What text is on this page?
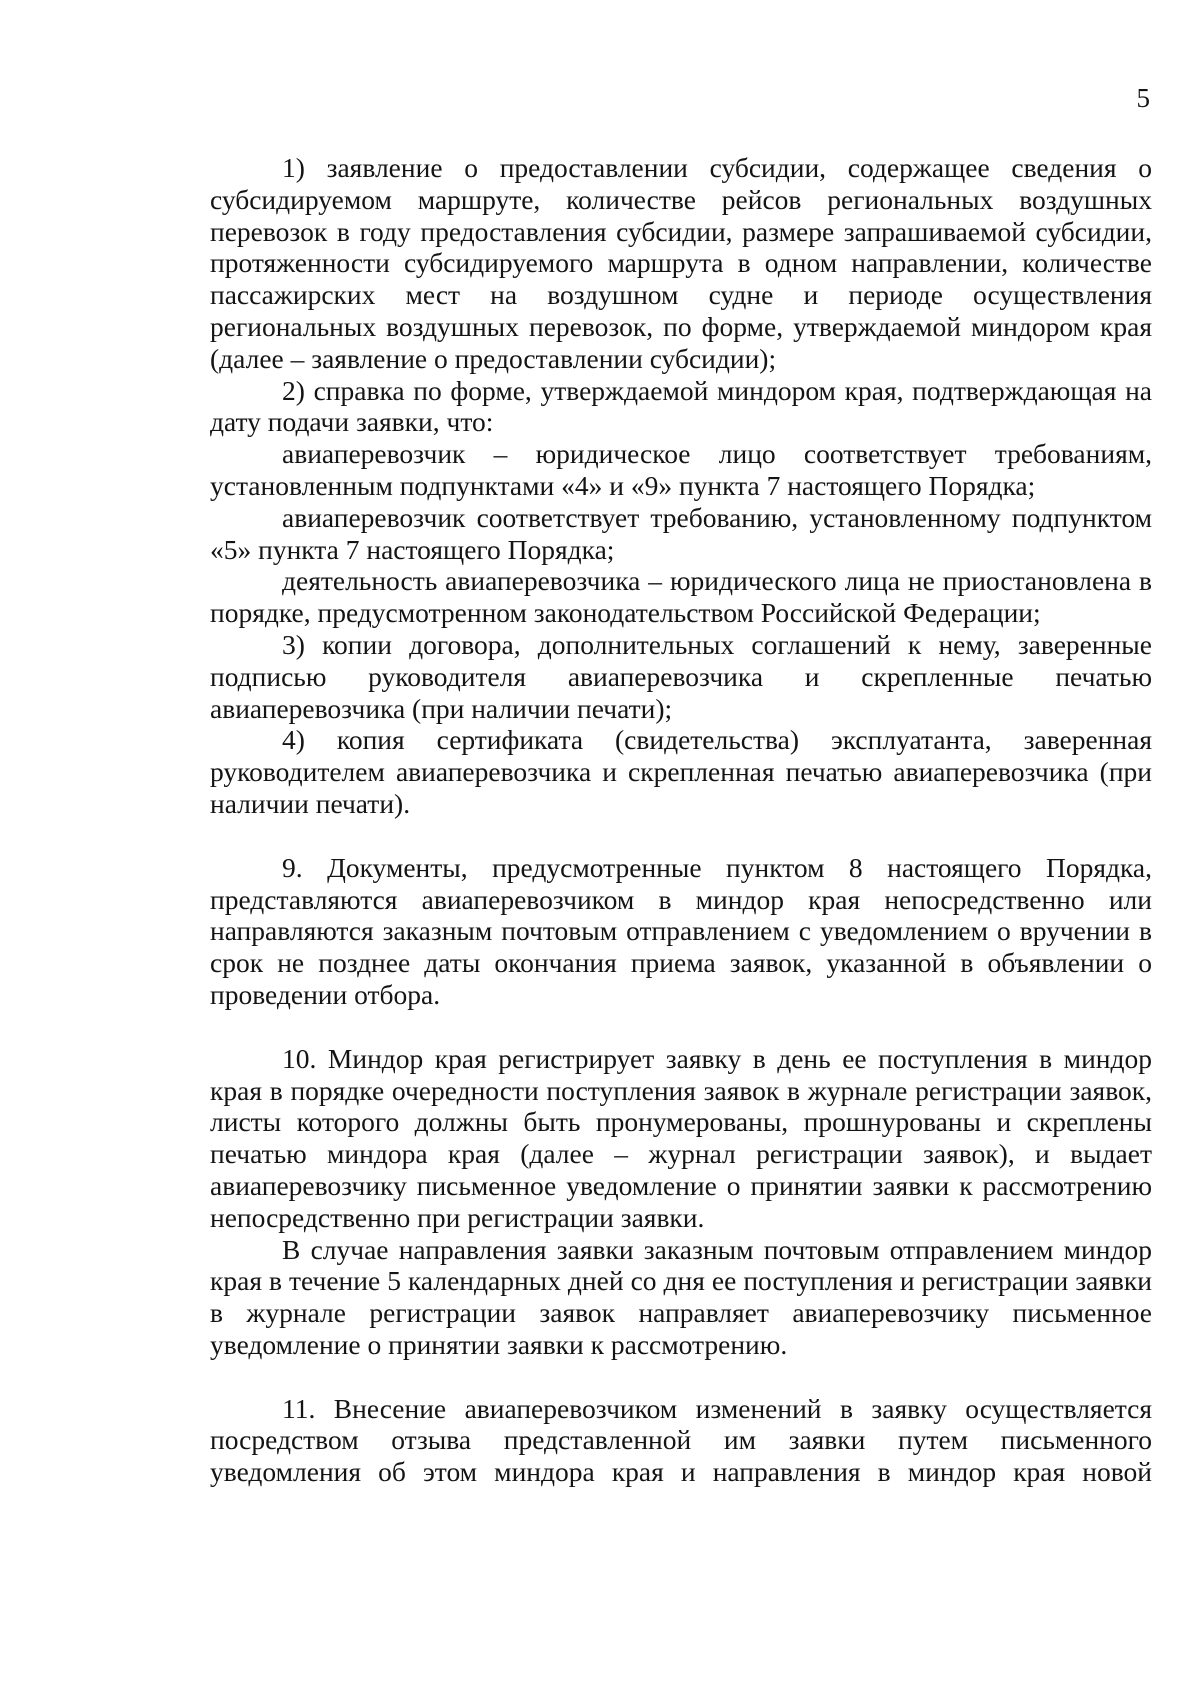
5

1) заявление о предоставлении субсидии, содержащее сведения о субсидируемом маршруте, количестве рейсов региональных воздушных перевозок в году предоставления субсидии, размере запрашиваемой субсидии, протяженности субсидируемого маршрута в одном направлении, количестве пассажирских мест на воздушном судне и периоде осуществления региональных воздушных перевозок, по форме, утверждаемой миндором края (далее – заявление о предоставлении субсидии);

2) справка по форме, утверждаемой миндором края, подтверждающая на дату подачи заявки, что:

авиаперевозчик – юридическое лицо соответствует требованиям, установленным подпунктами «4» и «9» пункта 7 настоящего Порядка;

авиаперевозчик соответствует требованию, установленному подпунктом «5» пункта 7 настоящего Порядка;

деятельность авиаперевозчика – юридического лица не приостановлена в порядке, предусмотренном законодательством Российской Федерации;

3) копии договора, дополнительных соглашений к нему, заверенные подписью руководителя авиаперевозчика и скрепленные печатью авиаперевозчика (при наличии печати);

4) копия сертификата (свидетельства) эксплуатанта, заверенная руководителем авиаперевозчика и скрепленная печатью авиаперевозчика (при наличии печати).

9. Документы, предусмотренные пунктом 8 настоящего Порядка, представляются авиаперевозчиком в миндор края непосредственно или направляются заказным почтовым отправлением с уведомлением о вручении в срок не позднее даты окончания приема заявок, указанной в объявлении о проведении отбора.

10. Миндор края регистрирует заявку в день ее поступления в миндор края в порядке очередности поступления заявок в журнале регистрации заявок, листы которого должны быть пронумерованы, прошнурованы и скреплены печатью миндора края (далее – журнал регистрации заявок), и выдает авиаперевозчику письменное уведомление о принятии заявки к рассмотрению непосредственно при регистрации заявки.

В случае направления заявки заказным почтовым отправлением миндор края в течение 5 календарных дней со дня ее поступления и регистрации заявки в журнале регистрации заявок направляет авиаперевозчику письменное уведомление о принятии заявки к рассмотрению.

11. Внесение авиаперевозчиком изменений в заявку осуществляется посредством отзыва представленной им заявки путем письменного уведомления об этом миндора края и направления в миндор края новой
